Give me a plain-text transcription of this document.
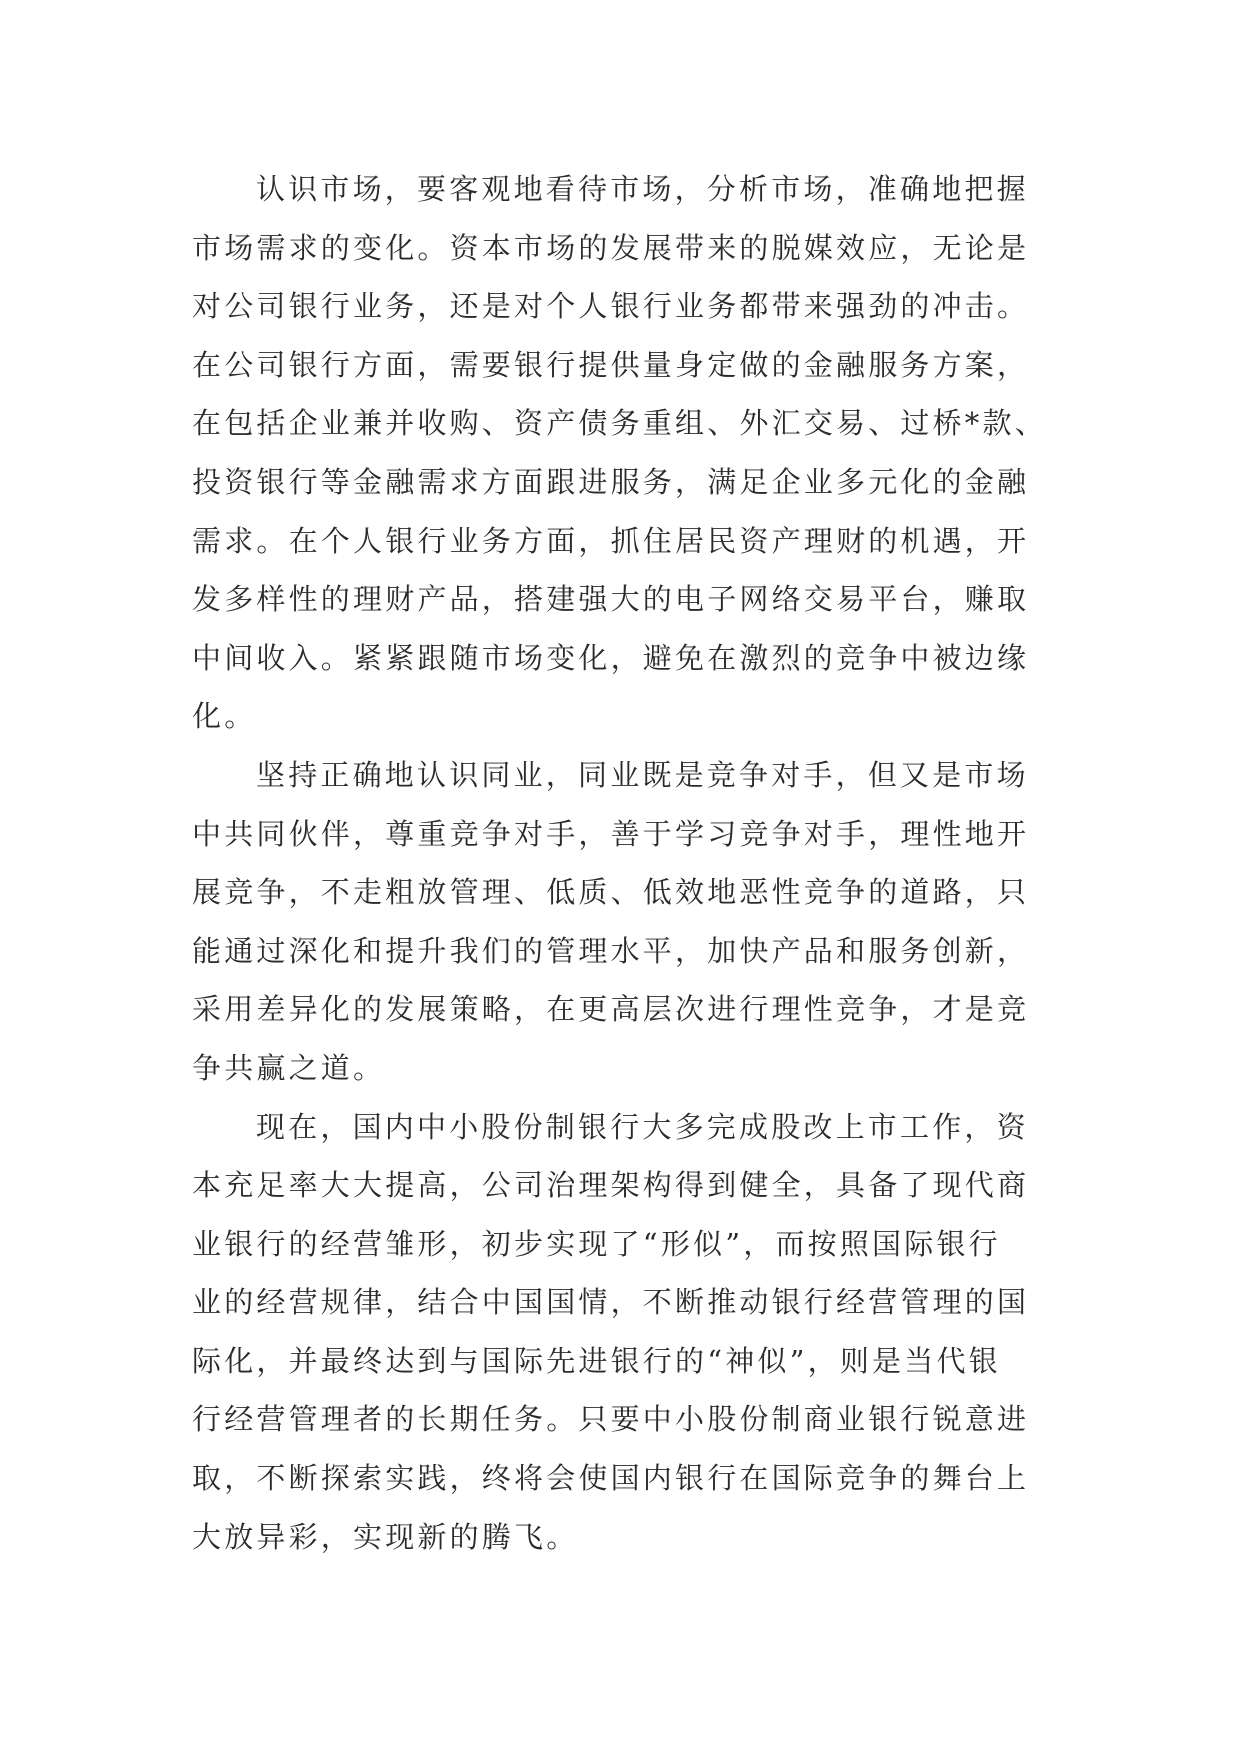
认识市场，要客观地看待市场，分析市场，准确地把握
市场需求的变化。资本市场的发展带来的脱媒效应，无论是
对公司银行业务，还是对个人银行业务都带来强劲的冲击。
在公司银行方面，需要银行提供量身定做的金融服务方案，
在包括企业兼并收购、资产债务重组、外汇交易、过桥*款、
投资银行等金融需求方面跟进服务，满足企业多元化的金融
需求。在个人银行业务方面，抓住居民资产理财的机遇，开
发多样性的理财产品，搭建强大的电子网络交易平台，赚取
中间收入。紧紧跟随市场变化，避免在激烈的竞争中被边缘
化。
坚持正确地认识同业，同业既是竞争对手，但又是市场
中共同伙伴，尊重竞争对手，善于学习竞争对手，理性地开
展竞争，不走粗放管理、低质、低效地恶性竞争的道路，只
能通过深化和提升我们的管理水平，加快产品和服务创新，
采用差异化的发展策略，在更高层次进行理性竞争，才是竞
争共赢之道。
现在，国内中小股份制银行大多完成股改上市工作，资
本充足率大大提高，公司治理架构得到健全，具备了现代商
业银行的经营雏形，初步实现了“形似”，而按照国际银行
业的经营规律，结合中国国情，不断推动银行经营管理的国
际化，并最终达到与国际先进银行的“神似”，则是当代银
行经营管理者的长期任务。只要中小股份制商业银行锐意进
取，不断探索实践，终将会使国内银行在国际竞争的舞台上
大放异彩，实现新的腾飞。
